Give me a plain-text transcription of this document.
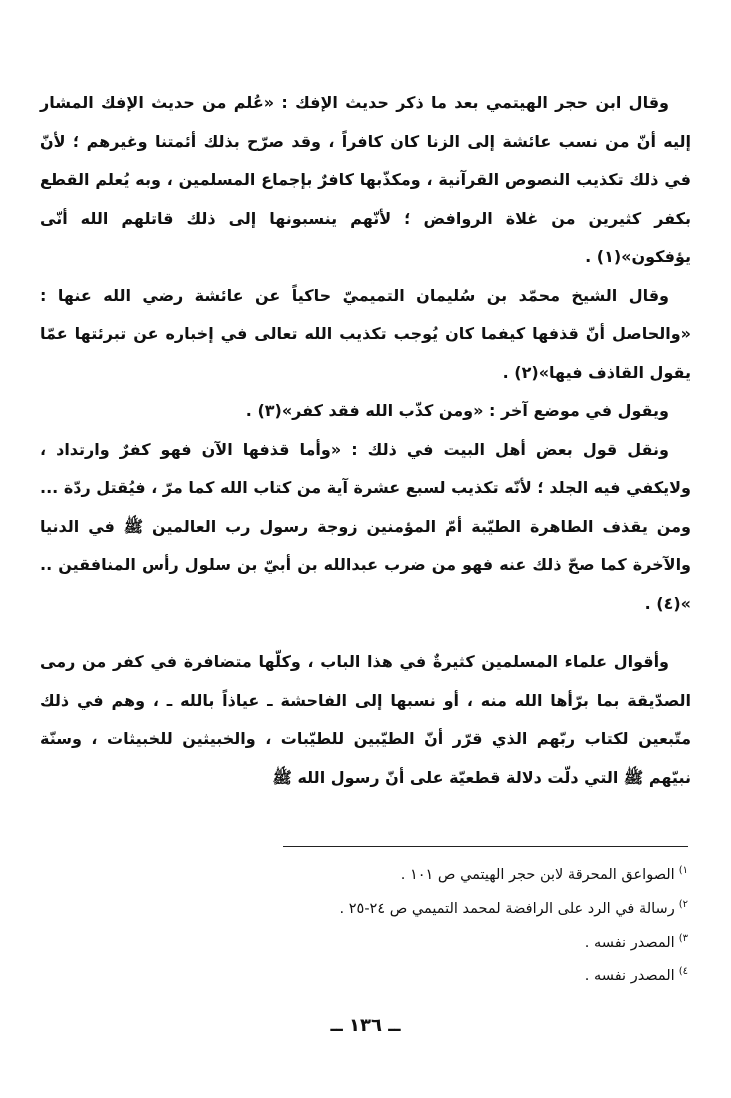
وقال ابن حجر الهيتمي بعد ما ذكر حديث الإفك : «عُلم من حديث الإفك المشار إليه أنّ من نسب عائشة إلى الزنا كان كافراً ، وقد صرّح بذلك أئمتنا وغيرهم ؛ لأنّ في ذلك تكذيب النصوص القرآنية ، ومكذّبها كافرٌ بإجماع المسلمين ، وبه يُعلم القطع بكفر كثيرين من غلاة الروافض ؛ لأنّهم ينسبونها إلى ذلك قاتلهم الله أنّى يؤفكون»(١) .

وقال الشيخ محمّد بن سُليمان التميميّ حاكياً عن عائشة رضي الله عنها : «والحاصل أنّ قذفها كيفما كان يُوجب تكذيب الله تعالى في إخباره عن تبرئتها عمّا يقول القاذف فيها»(٢) .

ويقول في موضع آخر : «ومن كذّب الله فقد كفر»(٣) .

ونقل قول بعض أهل البيت في ذلك : «وأما قذفها الآن فهو كفرٌ وارتداد ، ولايكفي فيه الجلد ؛ لأنّه تكذيب لسبع عشرة آية من كتاب الله كما مرّ ، فيُقتل ردّة ... ومن يقذف الطاهرة الطيّبة أمّ المؤمنين زوجة رسول رب العالمين ﷺ في الدنيا والآخرة كما صحّ ذلك عنه فهو من ضرب عبدالله بن أبيّ بن سلول رأس المنافقين .. »(٤) .

وأقوال علماء المسلمين كثيرةٌ في هذا الباب ، وكلّها متضافرة في كفر من رمى الصدّيقة بما برّأها الله منه ، أو نسبها إلى الفاحشة ـ عياذاً بالله ـ ، وهم في ذلك متّبعين لكتاب ربّهم الذي قرّر أنّ الطيّبين للطيّبات ، والخبيثين للخبيثات ، وسنّة نبيّهم ﷺ التي دلّت دلالة قطعيّة على أنّ رسول الله ﷺ

$^{١)}$الصواعق المحرقة لابن حجر الهيتمي ص ١٠١ .
$^{٢)}$رسالة في الرد على الرافضة لمحمد التميمي ص ٢٤-٢٥ .
$^{٣)}$المصدر نفسه .
$^{٤)}$المصدر نفسه .
ــ ١٣٦ ــ
